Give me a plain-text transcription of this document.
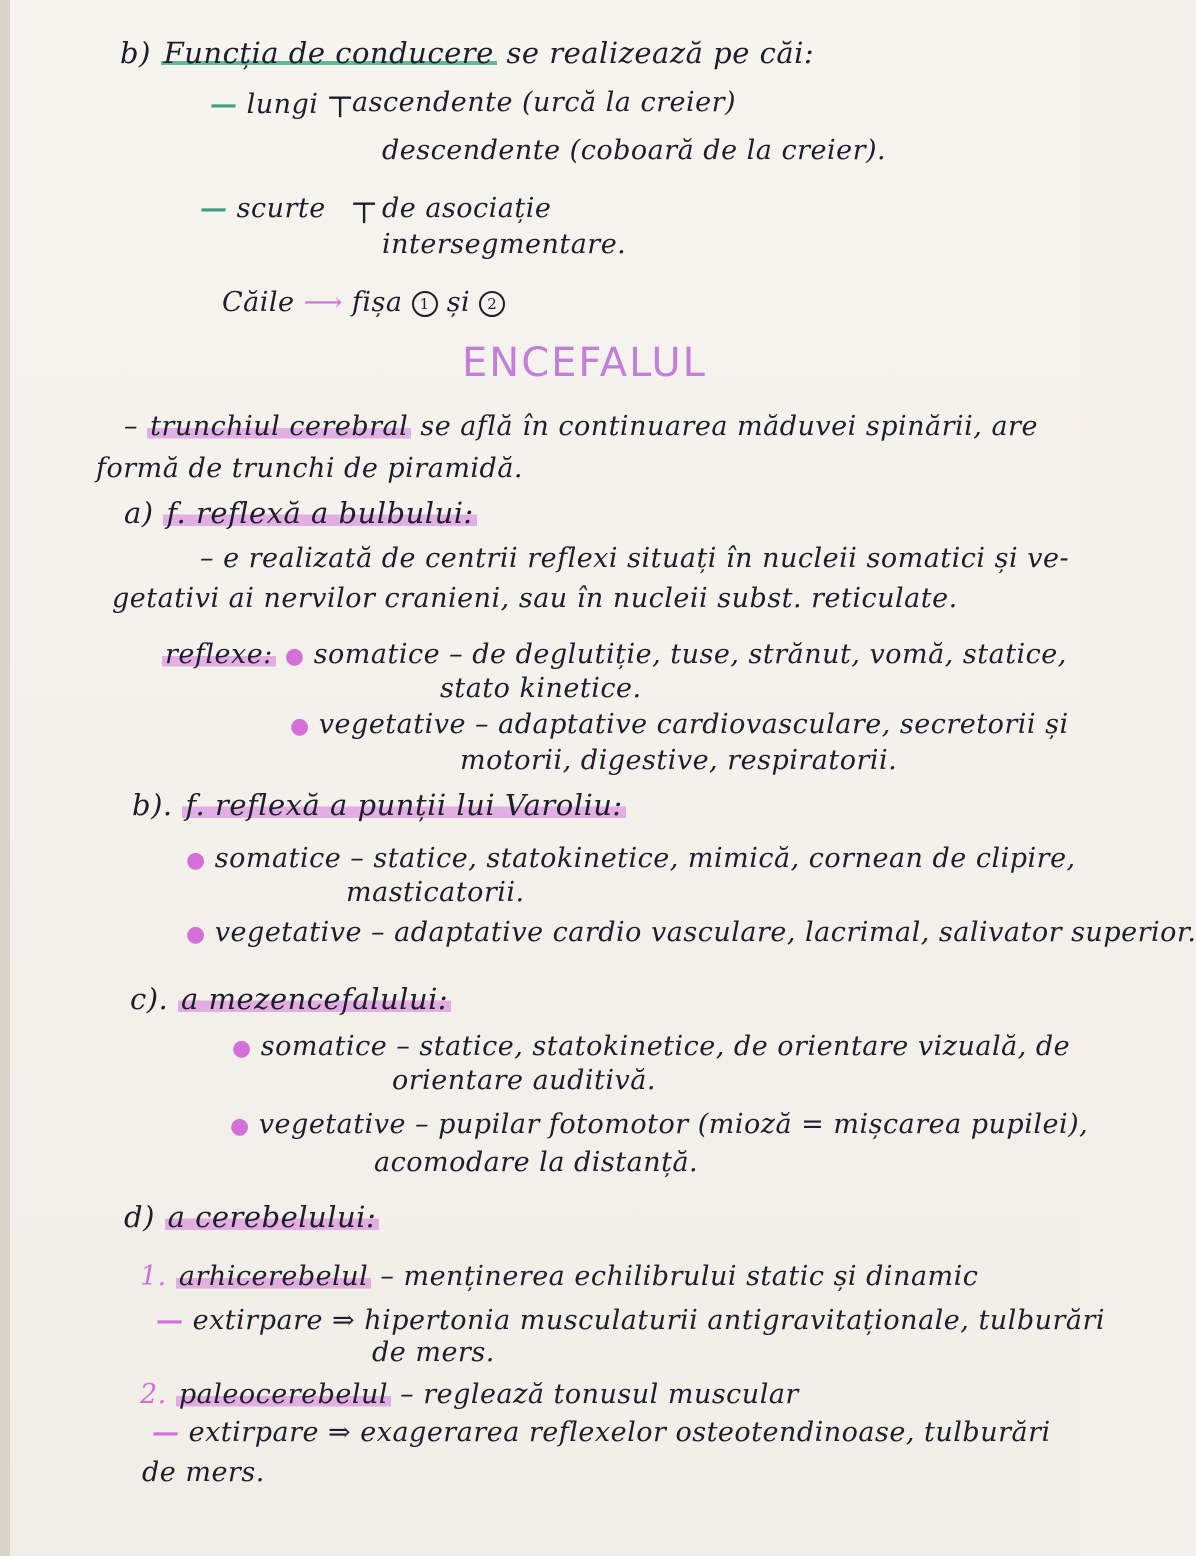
b) Funcția de conducere se realizează pe căi:
— lungi ⊤
ascendente (urcă la creier)
descendente (coboară de la creier).
— scurte ⊤ de asociație
intersegmentare.
Căile ⟶ fișa 1 și 2
ENCEFALUL
– trunchiul cerebral se află în continuarea măduvei spinării, are
formă de trunchi de piramidă.
a) f. reflexă a bulbului:
– e realizată de centrii reflexi situați în nucleii somatici și ve-
getativi ai nervilor cranieni, sau în nucleii subst. reticulate.
reflexe: ● somatice – de deglutiție, tuse, strănut, vomă, statice,
stato kinetice.
● vegetative – adaptative cardiovasculare, secretorii și
motorii, digestive, respiratorii.
b). f. reflexă a punții lui Varoliu:
● somatice – statice, statokinetice, mimică, cornean de clipire,
masticatorii.
● vegetative – adaptative cardio vasculare, lacrimal, salivator superior.
c). a mezencefalului:
● somatice – statice, statokinetice, de orientare vizuală, de
orientare auditivă.
● vegetative – pupilar fotomotor (mioză = mișcarea pupilei),
acomodare la distanță.
d) a cerebelului:
1. arhicerebelul – menținerea echilibrului static și dinamic
— extirpare ⇒ hipertonia musculaturii antigravitaționale, tulburări
de mers.
2. paleocerebelul – reglează tonusul muscular
— extirpare ⇒ exagerarea reflexelor osteotendinoase, tulburări
de mers.
